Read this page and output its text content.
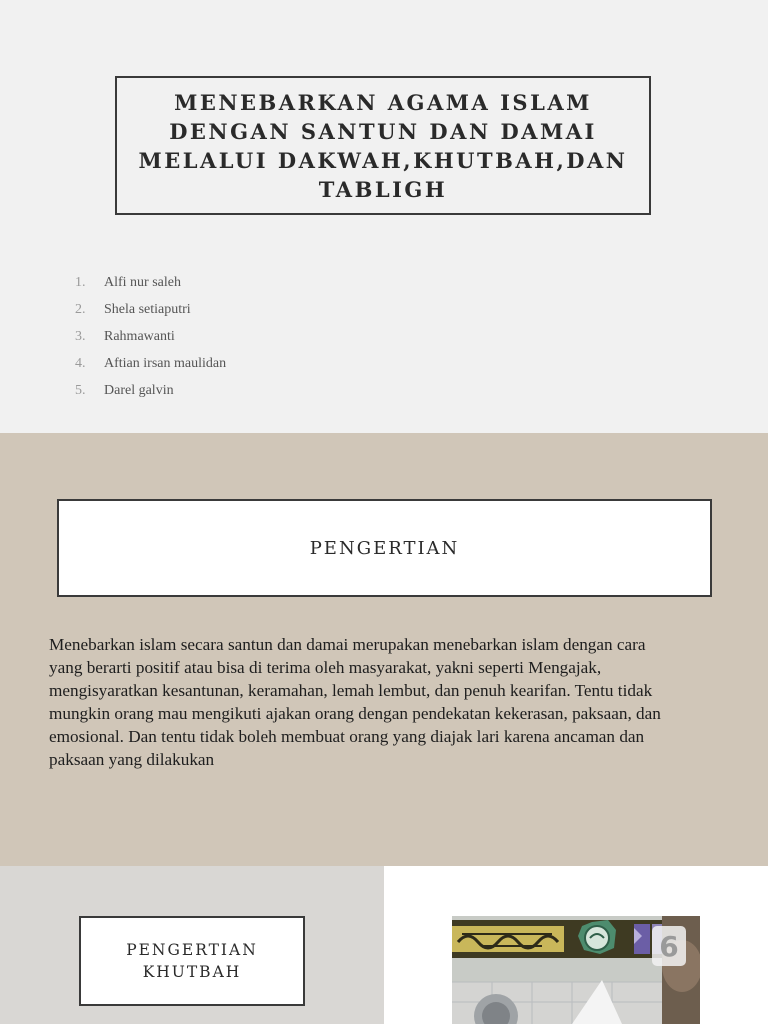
MENEBARKAN AGAMA ISLAM DENGAN SANTUN DAN DAMAI MELALUI DAKWAH,KHUTBAH,DAN TABLIGH
1.	Alfi nur saleh
2.	Shela setiaputri
3.	Rahmawanti
4.	Aftian irsan maulidan
5.	Darel galvin
PENGERTIAN

Menebarkan islam secara santun dan damai merupakan menebarkan islam dengan cara yang berarti positif atau bisa di terima oleh masyarakat, yakni seperti Mengajak, mengisyaratkan kesantunan, keramahan, lemah lembut, dan penuh kearifan. Tentu tidak mungkin orang mau mengikuti ajakan orang dengan pendekatan kekerasan, paksaan, dan emosional. Dan tentu tidak boleh membuat orang yang diajak lari karena ancaman dan paksaan yang dilakukan

PENGERTIAN KHUTBAH
6
